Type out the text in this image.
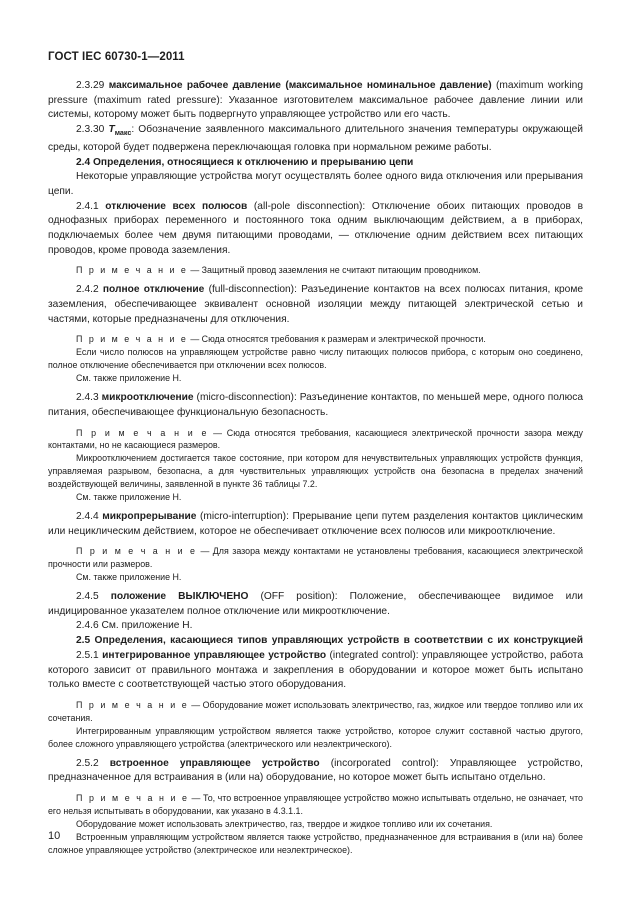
ГОСТ IEC 60730-1—2011

2.3.29 максимальное рабочее давление (максимальное номинальное давление) (maximum working pressure (maximum rated pressure): Указанное изготовителем максимальное рабочее давление линии или системы, которому может быть подвергнуто управляющее устройство или его часть.

2.3.30 $T_{макс}$: Обозначение заявленного максимального длительного значения температуры окружающей среды, которой будет подвержена переключающая головка при нормальном режиме работы.

2.4 Определения, относящиеся к отключению и прерыванию цепи

Некоторые управляющие устройства могут осуществлять более одного вида отключения или прерывания цепи.

2.4.1 отключение всех полюсов (all-pole disconnection): Отключение обоих питающих проводов в однофазных приборах переменного и постоянного тока одним выключающим действием, а в приборах, подключаемых более чем двумя питающими проводами, — отключение одним действием всех питающих проводов, кроме провода заземления.

П р и м е ч а н и е — Защитный провод заземления не считают питающим проводником.

2.4.2 полное отключение (full-disconnection): Разъединение контактов на всех полюсах питания, кроме заземления, обеспечивающее эквивалент основной изоляции между питающей электрической сетью и частями, которые предназначены для отключения.

П р и м е ч а н и е — Сюда относятся требования к размерам и электрической прочности.

Если число полюсов на управляющем устройстве равно числу питающих полюсов прибора, с которым оно соединено, полное отключение обеспечивается при отключении всех полюсов.

См. также приложение Н.

2.4.3 микроотключение (micro-disconnection): Разъединение контактов, по меньшей мере, одного полюса питания, обеспечивающее функциональную безопасность.

П р и м е ч а н и е — Сюда относятся требования, касающиеся электрической прочности зазора между контактами, но не касающиеся размеров.

Микроотключением достигается такое состояние, при котором для нечувствительных управляющих устройств функция, управляемая разрывом, безопасна, а для чувствительных управляющих устройств она безопасна в пределах значений воздействующей величины, заявленной в пункте 36 таблицы 7.2.

См. также приложение Н.

2.4.4 микропрерывание (micro-interruption): Прерывание цепи путем разделения контактов циклическим или нециклическим действием, которое не обеспечивает отключение всех полюсов или микроотключение.

П р и м е ч а н и е — Для зазора между контактами не установлены требования, касающиеся электрической прочности или размеров.

См. также приложение Н.

2.4.5 положение ВЫКЛЮЧЕНО (OFF position): Положение, обеспечивающее видимое или индицированное указателем полное отключение или микроотключение.

2.4.6 См. приложение Н.

2.5 Определения, касающиеся типов управляющих устройств в соответствии с их конструкцией

2.5.1 интегрированное управляющее устройство (integrated control): управляющее устройство, работа которого зависит от правильного монтажа и закрепления в оборудовании и которое может быть испытано только вместе с соответствующей частью этого оборудования.

П р и м е ч а н и е — Оборудование может использовать электричество, газ, жидкое или твердое топливо или их сочетания.

Интегрированным управляющим устройством является также устройство, которое служит составной частью другого, более сложного управляющего устройства (электрического или неэлектрического).

2.5.2 встроенное управляющее устройство (incorporated control): Управляющее устройство, предназначенное для встраивания в (или на) оборудование, но которое может быть испытано отдельно.

П р и м е ч а н и е — То, что встроенное управляющее устройство можно испытывать отдельно, не означает, что его нельзя испытывать в оборудовании, как указано в 4.3.1.1.

Оборудование может использовать электричество, газ, твердое и жидкое топливо или их сочетания.

Встроенным управляющим устройством является также устройство, предназначенное для встраивания в (или на) более сложное управляющее устройство (электрическое или неэлектрическое).

10
